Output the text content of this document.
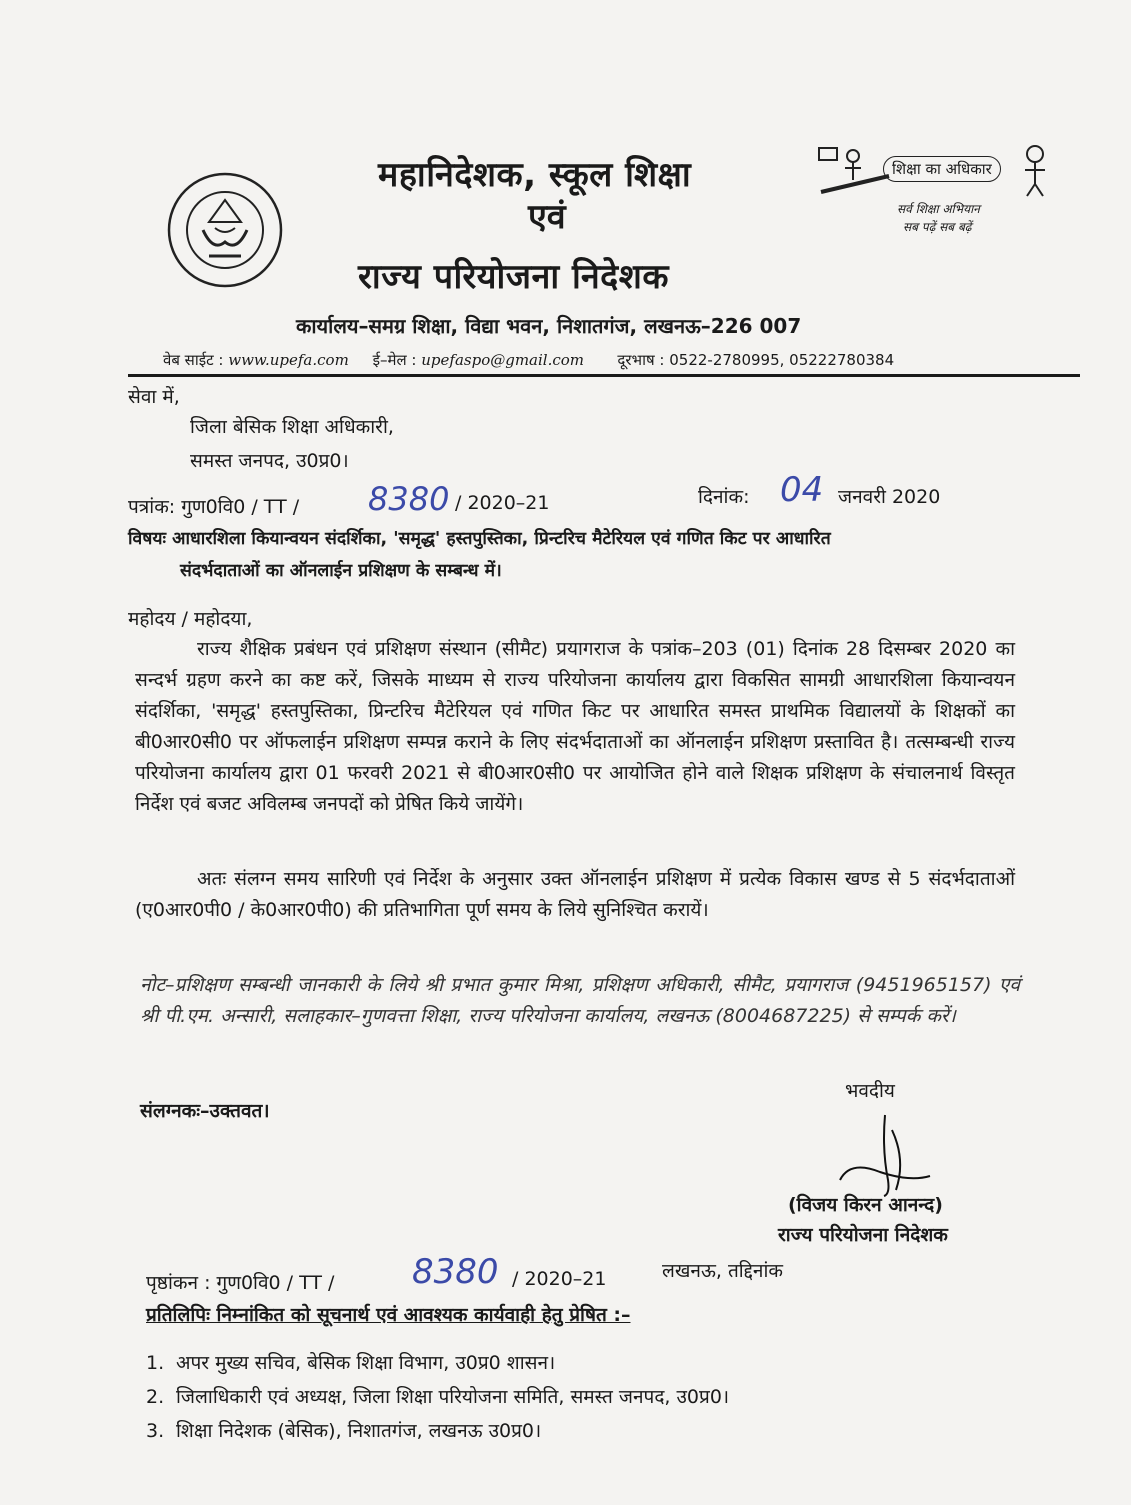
महानिदेशक, स्कूल शिक्षा
एवं
राज्य परियोजना निदेशक
शिक्षा का अधिकार
सर्व शिक्षा अभियान
सब पढ़ें सब बढ़ें
कार्यालय–समग्र शिक्षा, विद्या भवन, निशातगंज, लखनऊ–226 007
वेब साईट : www.upefa.com ई–मेल : upefaspo@gmail.com दूरभाष : 0522-2780995, 05222780384
सेवा में,
जिला बेसिक शिक्षा अधिकारी,
समस्त जनपद, उ0प्र0।
पत्रांक: गुण0वि0 / TT / 8380 / 2020–21	दिनांक: 04 जनवरी 2020
विषयः आधारशिला कियान्वयन संदर्शिका, 'समृद्ध' हस्तपुस्तिका, प्रिन्टरिच मैटेरियल एवं गणित किट पर आधारित
संदर्भदाताओं का ऑनलाईन प्रशिक्षण के सम्बन्ध में।
महोदय / महोदया,
राज्य शैक्षिक प्रबंधन एवं प्रशिक्षण संस्थान (सीमैट) प्रयागराज के पत्रांक–203 (01) दिनांक 28 दिसम्बर 2020 का सन्दर्भ ग्रहण करने का कष्ट करें, जिसके माध्यम से राज्य परियोजना कार्यालय द्वारा विकसित सामग्री आधारशिला कियान्वयन संदर्शिका, 'समृद्ध' हस्तपुस्तिका, प्रिन्टरिच मैटेरियल एवं गणित किट पर आधारित समस्त प्राथमिक विद्यालयों के शिक्षकों का बी0आर0सी0 पर ऑफलाईन प्रशिक्षण सम्पन्न कराने के लिए संदर्भदाताओं का ऑनलाईन प्रशिक्षण प्रस्तावित है। तत्सम्बन्धी राज्य परियोजना कार्यालय द्वारा 01 फरवरी 2021 से बी0आर0सी0 पर आयोजित होने वाले शिक्षक प्रशिक्षण के संचालनार्थ विस्तृत निर्देश एवं बजट अविलम्ब जनपदों को प्रेषित किये जायेंगे।
अतः संलग्न समय सारिणी एवं निर्देश के अनुसार उक्त ऑनलाईन प्रशिक्षण में प्रत्येक विकास खण्ड से 5 संदर्भदाताओं (ए0आर0पी0 / के0आर0पी0) की प्रतिभागिता पूर्ण समय के लिये सुनिश्चित करायें।
नोट–प्रशिक्षण सम्बन्धी जानकारी के लिये श्री प्रभात कुमार मिश्रा, प्रशिक्षण अधिकारी, सीमैट, प्रयागराज (9451965157) एवं श्री पी.एम. अन्सारी, सलाहकार–गुणवत्ता शिक्षा, राज्य परियोजना कार्यालय, लखनऊ (8004687225) से सम्पर्क करें।
संलग्नकः–उक्तवत।
भवदीय
(विजय किरन आनन्द)
राज्य परियोजना निदेशक
पृष्ठांकन : गुण0वि0 / TT / 8380 / 2020–21	लखनऊ, तद्दिनांक
प्रतिलिपिः निम्नांकित को सूचनार्थ एवं आवश्यक कार्यवाही हेतु प्रेषित :–
1. अपर मुख्य सचिव, बेसिक शिक्षा विभाग, उ0प्र0 शासन।
2. जिलाधिकारी एवं अध्यक्ष, जिला शिक्षा परियोजना समिति, समस्त जनपद, उ0प्र0।
3. शिक्षा निदेशक (बेसिक), निशातगंज, लखनऊ उ0प्र0।
